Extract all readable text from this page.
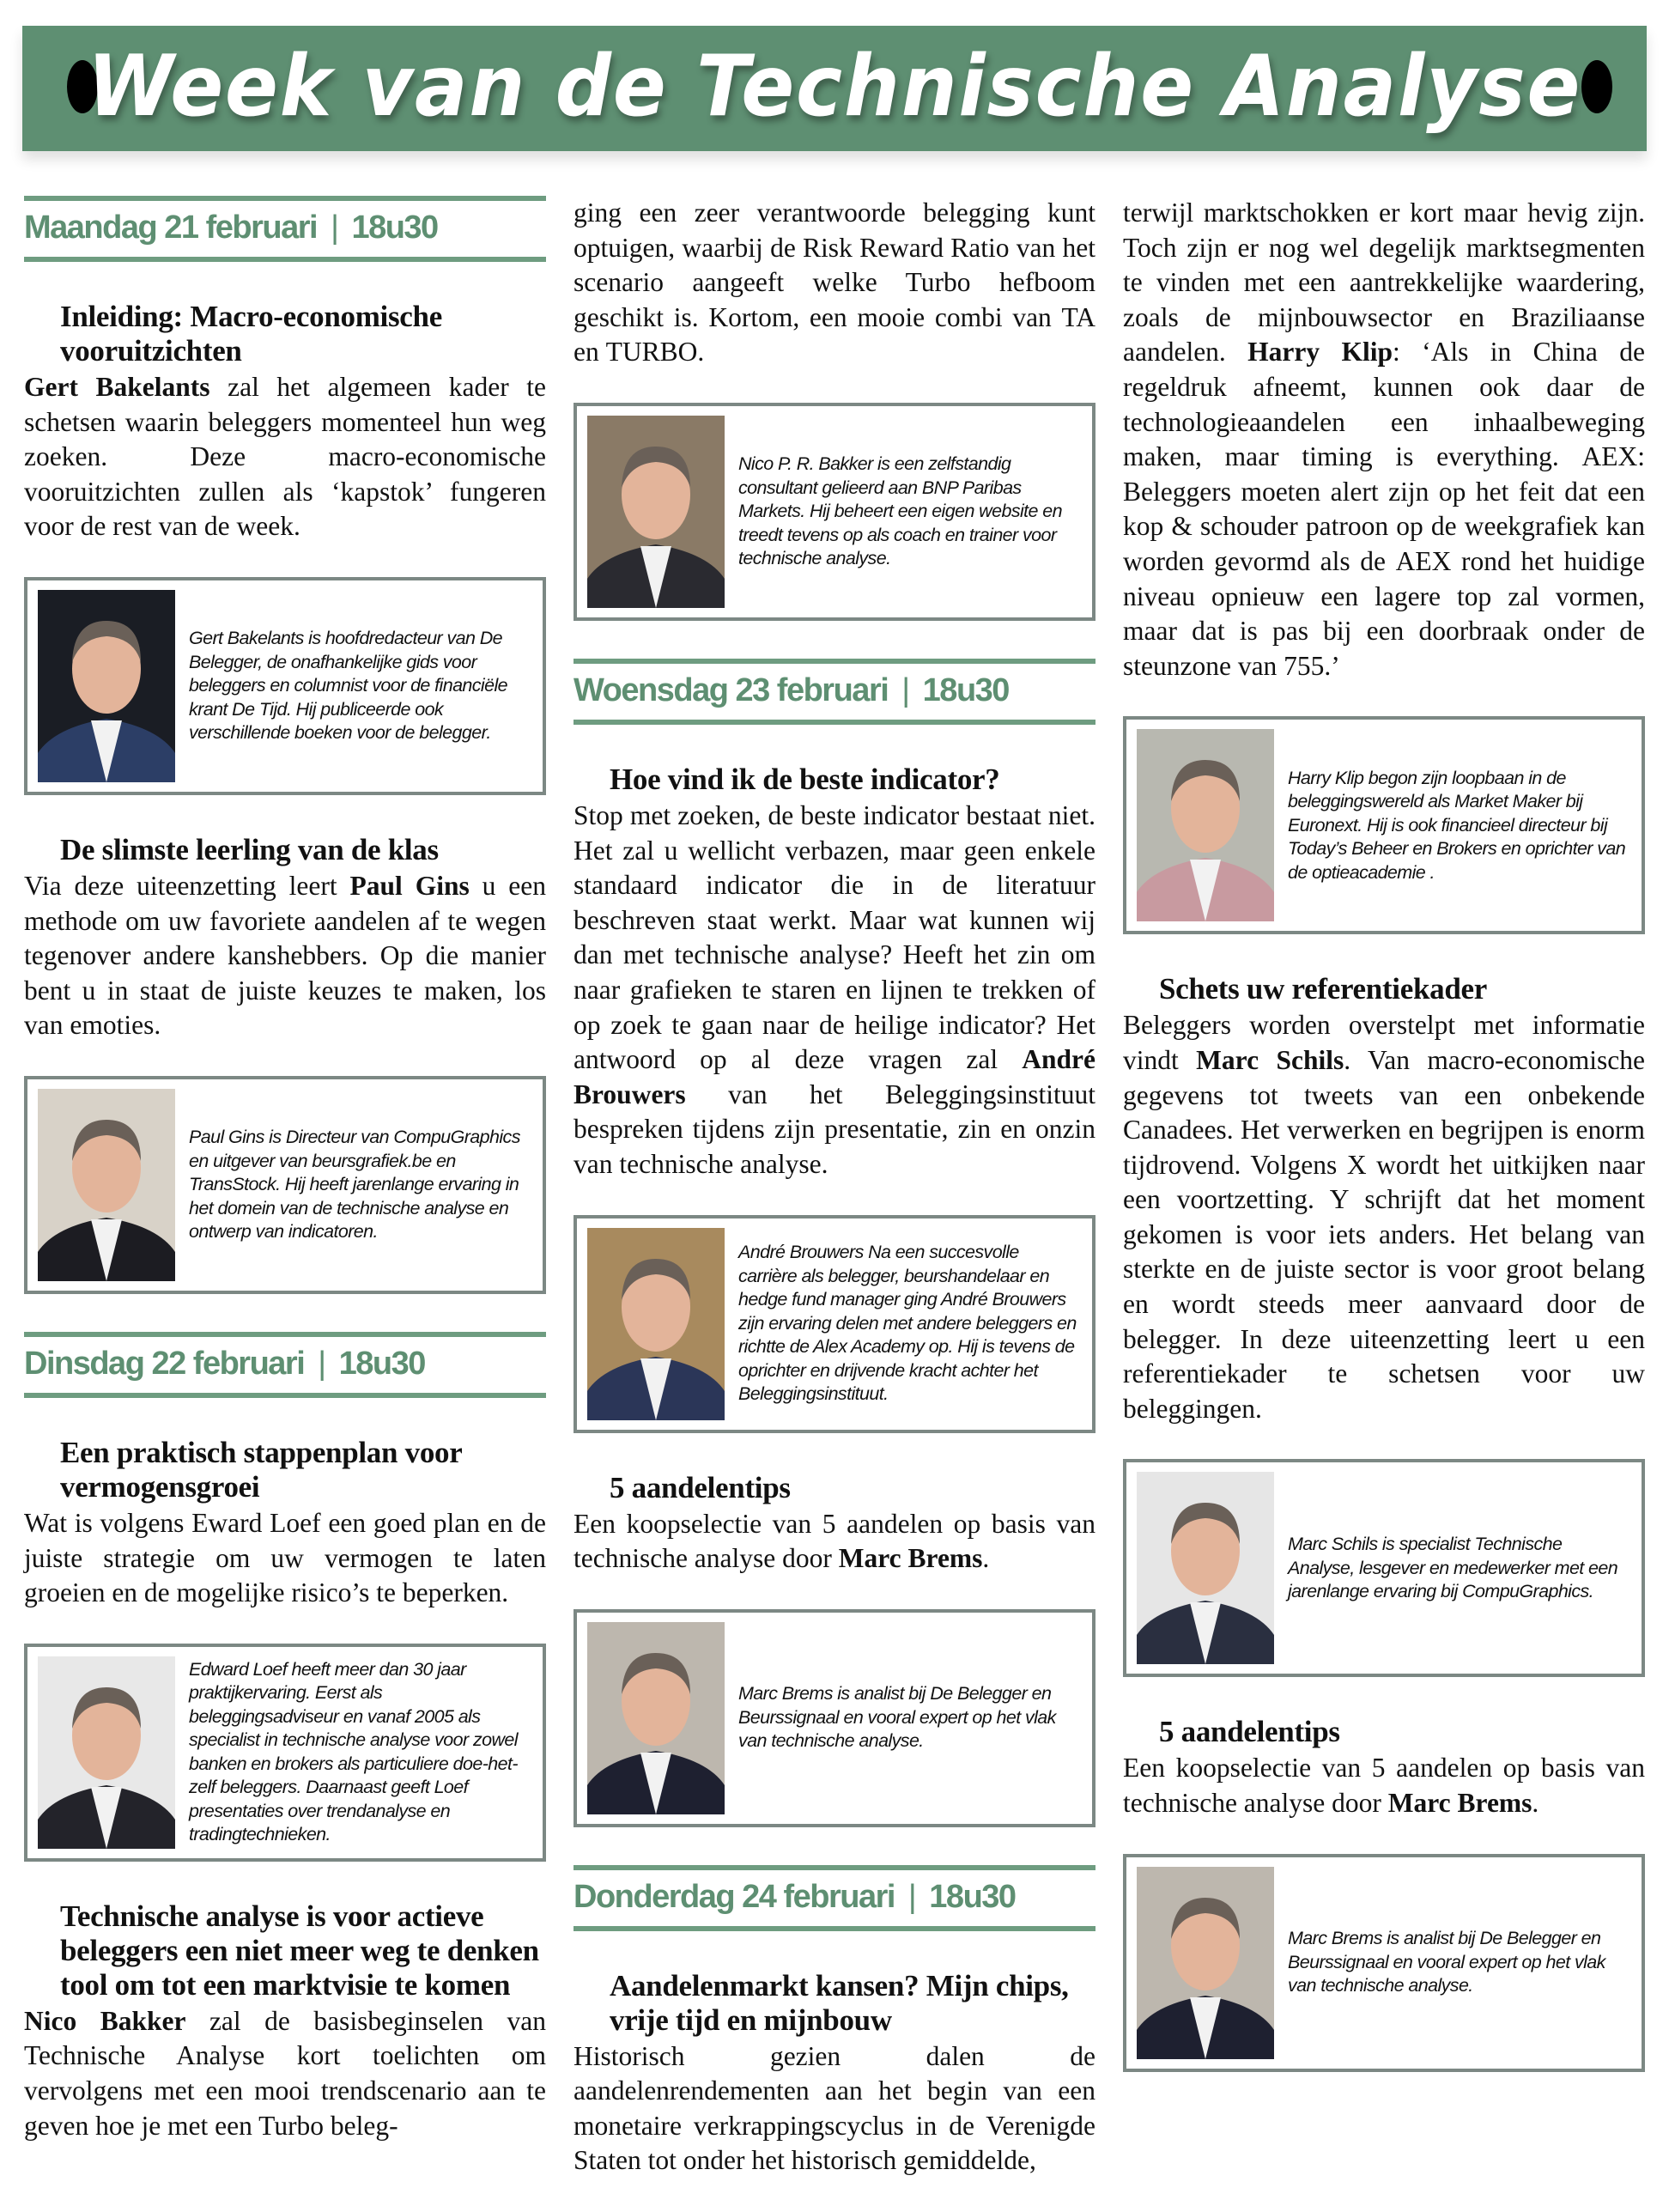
Week van de Technische Analyse
Maandag 21 februari | 18u30
Inleiding: Macro-economische vooruitzichten
Gert Bakelants zal het algemeen kader te schetsen waarin beleggers momenteel hun weg zoeken. Deze macro-economische vooruitzichten zullen als ‘kapstok’ fungeren voor de rest van de week.
Gert Bakelants is hoofdredacteur van De Belegger, de onafhankelijke gids voor beleggers en columnist voor de financiële krant De Tijd. Hij publiceerde ook verschillende boeken voor de belegger.
De slimste leerling van de klas
Via deze uiteenzetting leert Paul Gins u een methode om uw favoriete aandelen af te wegen tegenover andere kanshebbers. Op die manier bent u in staat de juiste keuzes te maken, los van emoties.
Paul Gins is Directeur van CompuGraphics en uitgever van beursgrafiek.be en TransStock. Hij heeft jarenlange ervaring in het domein van de technische analyse en ontwerp van indicatoren.
Dinsdag 22 februari | 18u30
Een praktisch stappenplan voor vermogensgroei
Wat is volgens Eward Loef een goed plan en de juiste strategie om uw vermogen te laten groeien en de mogelijke risico’s te beperken.
Edward Loef heeft meer dan 30 jaar praktijkervaring. Eerst als beleggingsadviseur en vanaf 2005 als specialist in technische analyse voor zowel banken en brokers als particuliere doe-het-zelf beleggers. Daarnaast geeft Loef presentaties over trendanalyse en tradingtechnieken.
Technische analyse is voor actieve beleggers een niet meer weg te denken tool om tot een marktvisie te komen
Nico Bakker zal de basisbeginselen van Technische Analyse kort toelichten om vervolgens met een mooi trendscenario aan te geven hoe je met een Turbo beleg-
ging een zeer verantwoorde belegging kunt optuigen, waarbij de Risk Reward Ratio van het scenario aangeeft welke Turbo hefboom geschikt is. Kortom, een mooie combi van TA en TURBO.
Nico P. R. Bakker is een zelfstandig consultant gelieerd aan BNP Paribas Markets. Hij beheert een eigen website en treedt tevens op als coach en trainer voor technische analyse.
Woensdag 23 februari | 18u30
Hoe vind ik de beste indicator?
Stop met zoeken, de beste indicator bestaat niet. Het zal u wellicht verbazen, maar geen enkele standaard indicator die in de literatuur beschreven staat werkt. Maar wat kunnen wij dan met technische analyse? Heeft het zin om naar grafieken te staren en lijnen te trekken of op zoek te gaan naar de heilige indicator? Het antwoord op al deze vragen zal André Brouwers van het Beleggingsinstituut bespreken tijdens zijn presentatie, zin en onzin van technische analyse.
André Brouwers Na een succesvolle carrière als belegger, beurshandelaar en hedge fund manager ging André Brouwers zijn ervaring delen met andere beleggers en richtte de Alex Academy op. Hij is tevens de oprichter en drijvende kracht achter het Beleggingsinstituut.
5 aandelentips
Een koopselectie van 5 aandelen op basis van technische analyse door Marc Brems.
Marc Brems is analist bij De Belegger en Beurssignaal en vooral expert op het vlak van technische analyse.
Donderdag 24 februari | 18u30
Aandelenmarkt kansen? Mijn chips, vrije tijd en mijnbouw
Historisch gezien dalen de aandelenrendementen aan het begin van een monetaire verkrappingscyclus in de Verenigde Staten tot onder het historisch gemiddelde,
terwijl marktschokken er kort maar hevig zijn. Toch zijn er nog wel degelijk marktsegmenten te vinden met een aantrekkelijke waardering, zoals de mijnbouwsector en Braziliaanse aandelen. Harry Klip: ‘Als in China de regeldruk afneemt, kunnen ook daar de technologieaandelen een inhaalbeweging maken, maar timing is everything. AEX: Beleggers moeten alert zijn op het feit dat een kop & schouder patroon op de weekgrafiek kan worden gevormd als de AEX rond het huidige niveau opnieuw een lagere top zal vormen, maar dat is pas bij een doorbraak onder de steunzone van 755.’
Harry Klip begon zijn loopbaan in de beleggingswereld als Market Maker bij Euronext. Hij is ook financieel directeur bij Today’s Beheer en Brokers en oprichter van de optieacademie .
Schets uw referentiekader
Beleggers worden overstelpt met informatie vindt Marc Schils. Van macro-economische gegevens tot tweets van een onbekende Canadees. Het verwerken en begrijpen is enorm tijdrovend. Volgens X wordt het uitkijken naar een voortzetting. Y schrijft dat het moment gekomen is voor iets anders. Het belang van sterkte en de juiste sector is voor groot belang en wordt steeds meer aanvaard door de belegger. In deze uiteenzetting leert u een referentiekader te schetsen voor uw beleggingen.
Marc Schils is specialist Technische Analyse, lesgever en medewerker met een jarenlange ervaring bij CompuGraphics.
5 aandelentips
Een koopselectie van 5 aandelen op basis van technische analyse door Marc Brems.
Marc Brems is analist bij De Belegger en Beurssignaal en vooral expert op het vlak van technische analyse.
